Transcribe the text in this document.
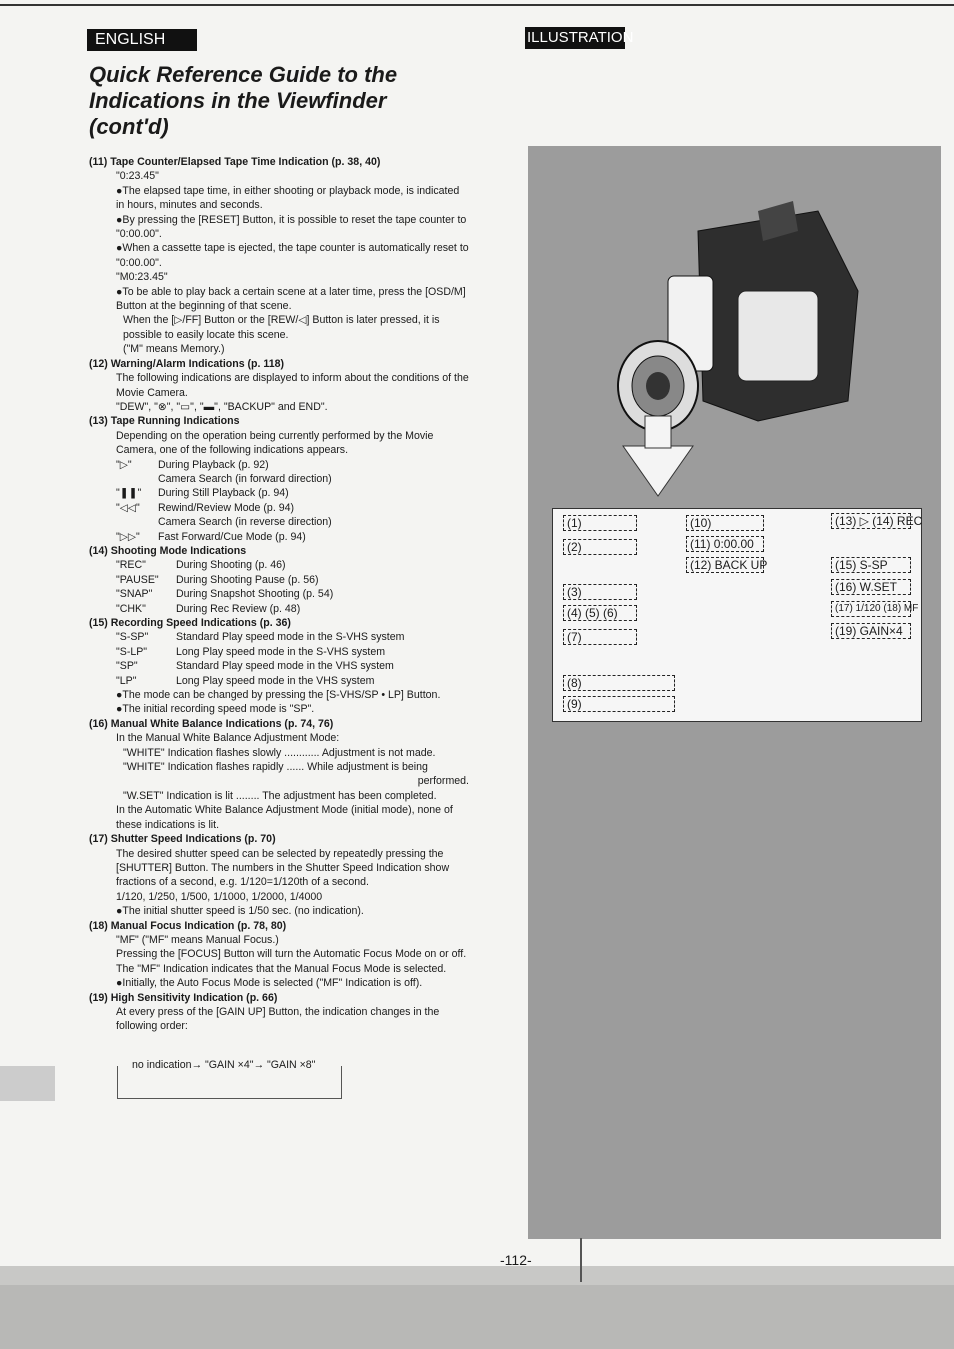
ENGLISH	ILLUSTRATION
Quick Reference Guide to the
Indications in the Viewfinder
(cont'd)
(11) Tape Counter/Elapsed Tape Time Indication (p. 38, 40)
"0:23.45"
●The elapsed tape time, in either shooting or playback mode, is indicated in hours, minutes and seconds.
●By pressing the [RESET] Button, it is possible to reset the tape counter to "0:00.00".
●When a cassette tape is ejected, the tape counter is automatically reset to "0:00.00".
"M0:23.45"
●To be able to play back a certain scene at a later time, press the [OSD/M] Button at the beginning of that scene.
When the [▷/FF] Button or the [REW/◁] Button is later pressed, it is possible to easily locate this scene.
("M" means Memory.)
(12) Warning/Alarm Indications (p. 118)
The following indications are displayed to inform about the conditions of the Movie Camera.
"DEW", "⊗", "▭", "▬", "BACKUP" and END".
(13) Tape Running Indications
Depending on the operation being currently performed by the Movie Camera, one of the following indications appears.
"▷"	During Playback (p. 92)
Camera Search (in forward direction)
"❚❚"	During Still Playback (p. 94)
"◁◁"	Rewind/Review Mode (p. 94)
Camera Search (in reverse direction)
"▷▷"	Fast Forward/Cue Mode (p. 94)
(14) Shooting Mode Indications
"REC"	During Shooting (p. 46)
"PAUSE"	During Shooting Pause (p. 56)
"SNAP"	During Snapshot Shooting (p. 54)
"CHK"	During Rec Review (p. 48)
(15) Recording Speed Indications (p. 36)
"S-SP"	Standard Play speed mode in the S-VHS system
"S-LP"	Long Play speed mode in the S-VHS system
"SP"	Standard Play speed mode in the VHS system
"LP"	Long Play speed mode in the VHS system
●The mode can be changed by pressing the [S-VHS/SP • LP] Button.
●The initial recording speed mode is "SP".
(16) Manual White Balance Indications (p. 74, 76)
In the Manual White Balance Adjustment Mode:
"WHITE" Indication flashes slowly ............ Adjustment is not made.
"WHITE" Indication flashes rapidly ...... While adjustment is being
performed.
"W.SET" Indication is lit ........ The adjustment has been completed.
In the Automatic White Balance Adjustment Mode (initial mode), none of these indications is lit.
(17) Shutter Speed Indications (p. 70)
The desired shutter speed can be selected by repeatedly pressing the [SHUTTER] Button. The numbers in the Shutter Speed Indication show fractions of a second, e.g. 1/120=1/120th of a second.
1/120, 1/250, 1/500, 1/1000, 1/2000, 1/4000
●The initial shutter speed is 1/50 sec. (no indication).
(18) Manual Focus Indication (p. 78, 80)
"MF" ("MF" means Manual Focus.)
Pressing the [FOCUS] Button will turn the Automatic Focus Mode on or off. The "MF" Indication indicates that the Manual Focus Mode is selected.
●Initially, the Auto Focus Mode is selected ("MF" Indication is off).
(19) High Sensitivity Indication (p. 66)
At every press of the [GAIN UP] Button, the indication changes in the following order:
no indication→ "GAIN ×4"→ "GAIN ×8"
(1)
(2)
(3)
(4) (5) (6)
(7)
(8)
(9)
(10)
(11) 0:00.00
(12) BACK UP
(13) ▷ (14) REC
(15) S-SP
(16) W.SET
(17) 1/120 (18) MF
(19) GAIN×4
-112-
